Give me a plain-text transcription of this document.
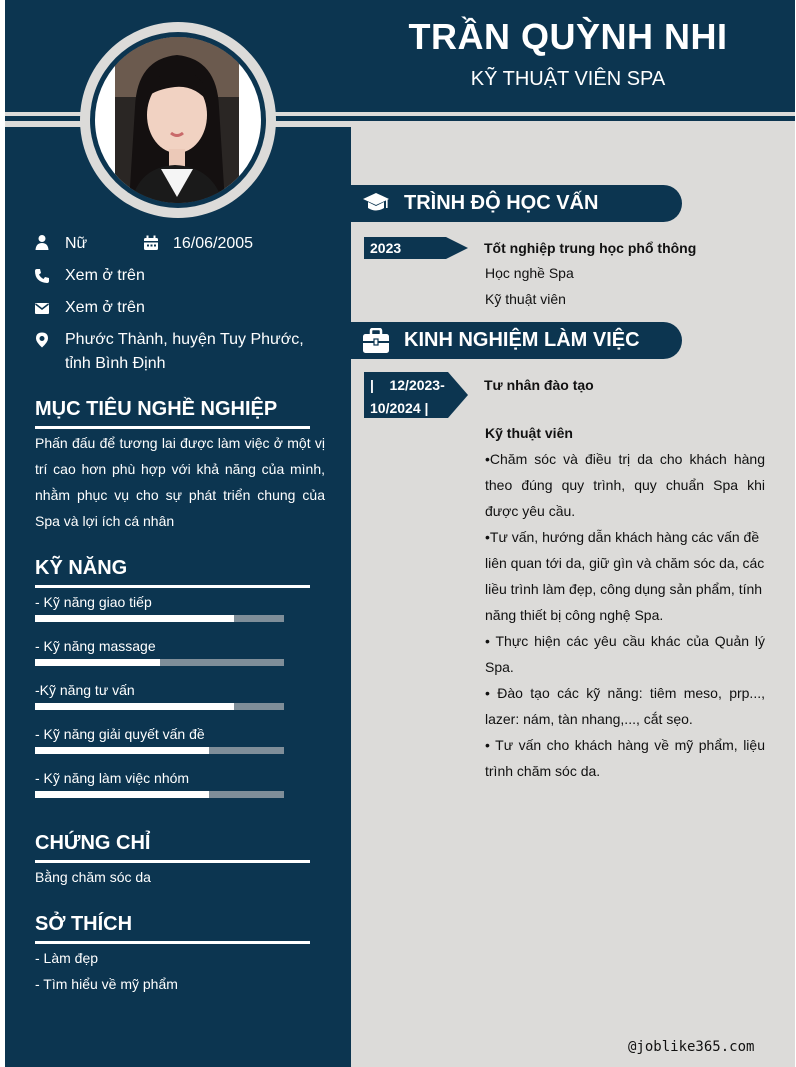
TRẦN QUỲNH NHI
KỸ THUẬT VIÊN SPA
Nữ	16/06/2005
Xem ở trên
Xem ở trên
Phước Thành, huyện Tuy Phước, tỉnh Bình Định
MỤC TIÊU NGHỀ NGHIỆP
Phấn đấu để tương lai được làm việc ở một vị trí cao hơn phù hợp với khả năng của mình, nhằm phục vụ cho sự phát triển chung của Spa và lợi ích cá nhân
KỸ NĂNG
- Kỹ năng giao tiếp
- Kỹ năng massage
-Kỹ năng tư vấn
- Kỹ năng giải quyết vấn đề
- Kỹ năng làm việc nhóm
CHỨNG CHỈ
Bằng chăm sóc da
SỞ THÍCH
- Làm đẹp
- Tìm hiểu về mỹ phẩm
TRÌNH ĐỘ HỌC VẤN
2023	Tốt nghiệp trung học phổ thông
Học nghề Spa
Kỹ thuật viên
KINH NGHIỆM LÀM VIỆC
|    12/2023-
10/2024 |
Tư nhân đào tạo
Kỹ thuật viên
•Chăm sóc và điều trị da cho khách hàng theo đúng quy trình, quy chuẩn Spa khi được yêu cầu.
•Tư vấn, hướng dẫn khách hàng các vấn đề liên quan tới da, giữ gìn và chăm sóc da, các liều trình làm đẹp, công dụng sản phẩm, tính năng thiết bị công nghệ Spa.
• Thực hiện các yêu cầu khác của Quản lý Spa.
• Đào tạo các kỹ năng: tiêm meso, prp..., lazer: nám, tàn nhang,..., cắt sẹo.
• Tư vấn cho khách hàng về mỹ phẩm, liệu trình chăm sóc da.
@joblike365.com
